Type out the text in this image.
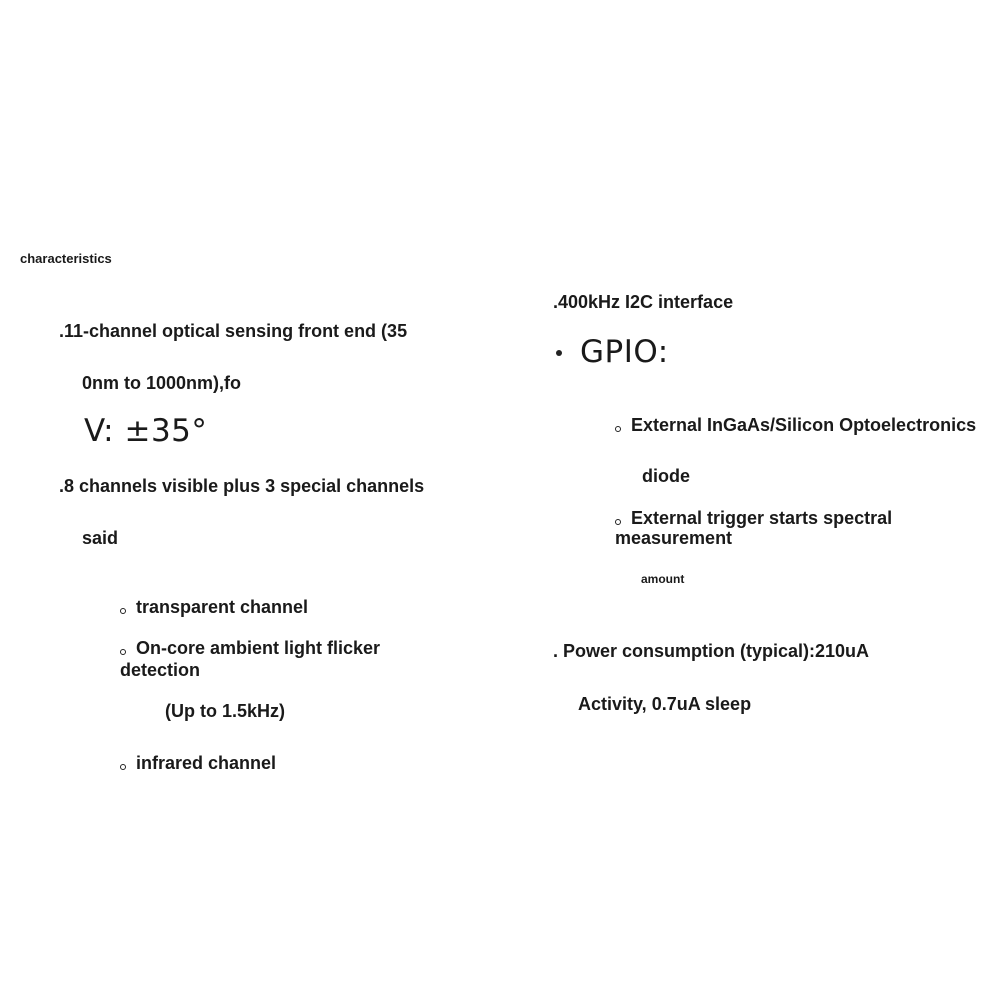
characteristics
.11-channel optical sensing front end (35
0nm to 1000nm),fo
V: ±35°
.8 channels visible plus 3 special channels
said
transparent channel
On-core ambient light flicker
detection
(Up to 1.5kHz)
infrared channel
.400kHz I2C interface
GPIO:
External InGaAs/Silicon Optoelectronics
diode
External trigger starts spectral
measurement
amount
. Power consumption (typical):210uA
Activity, 0.7uA sleep
